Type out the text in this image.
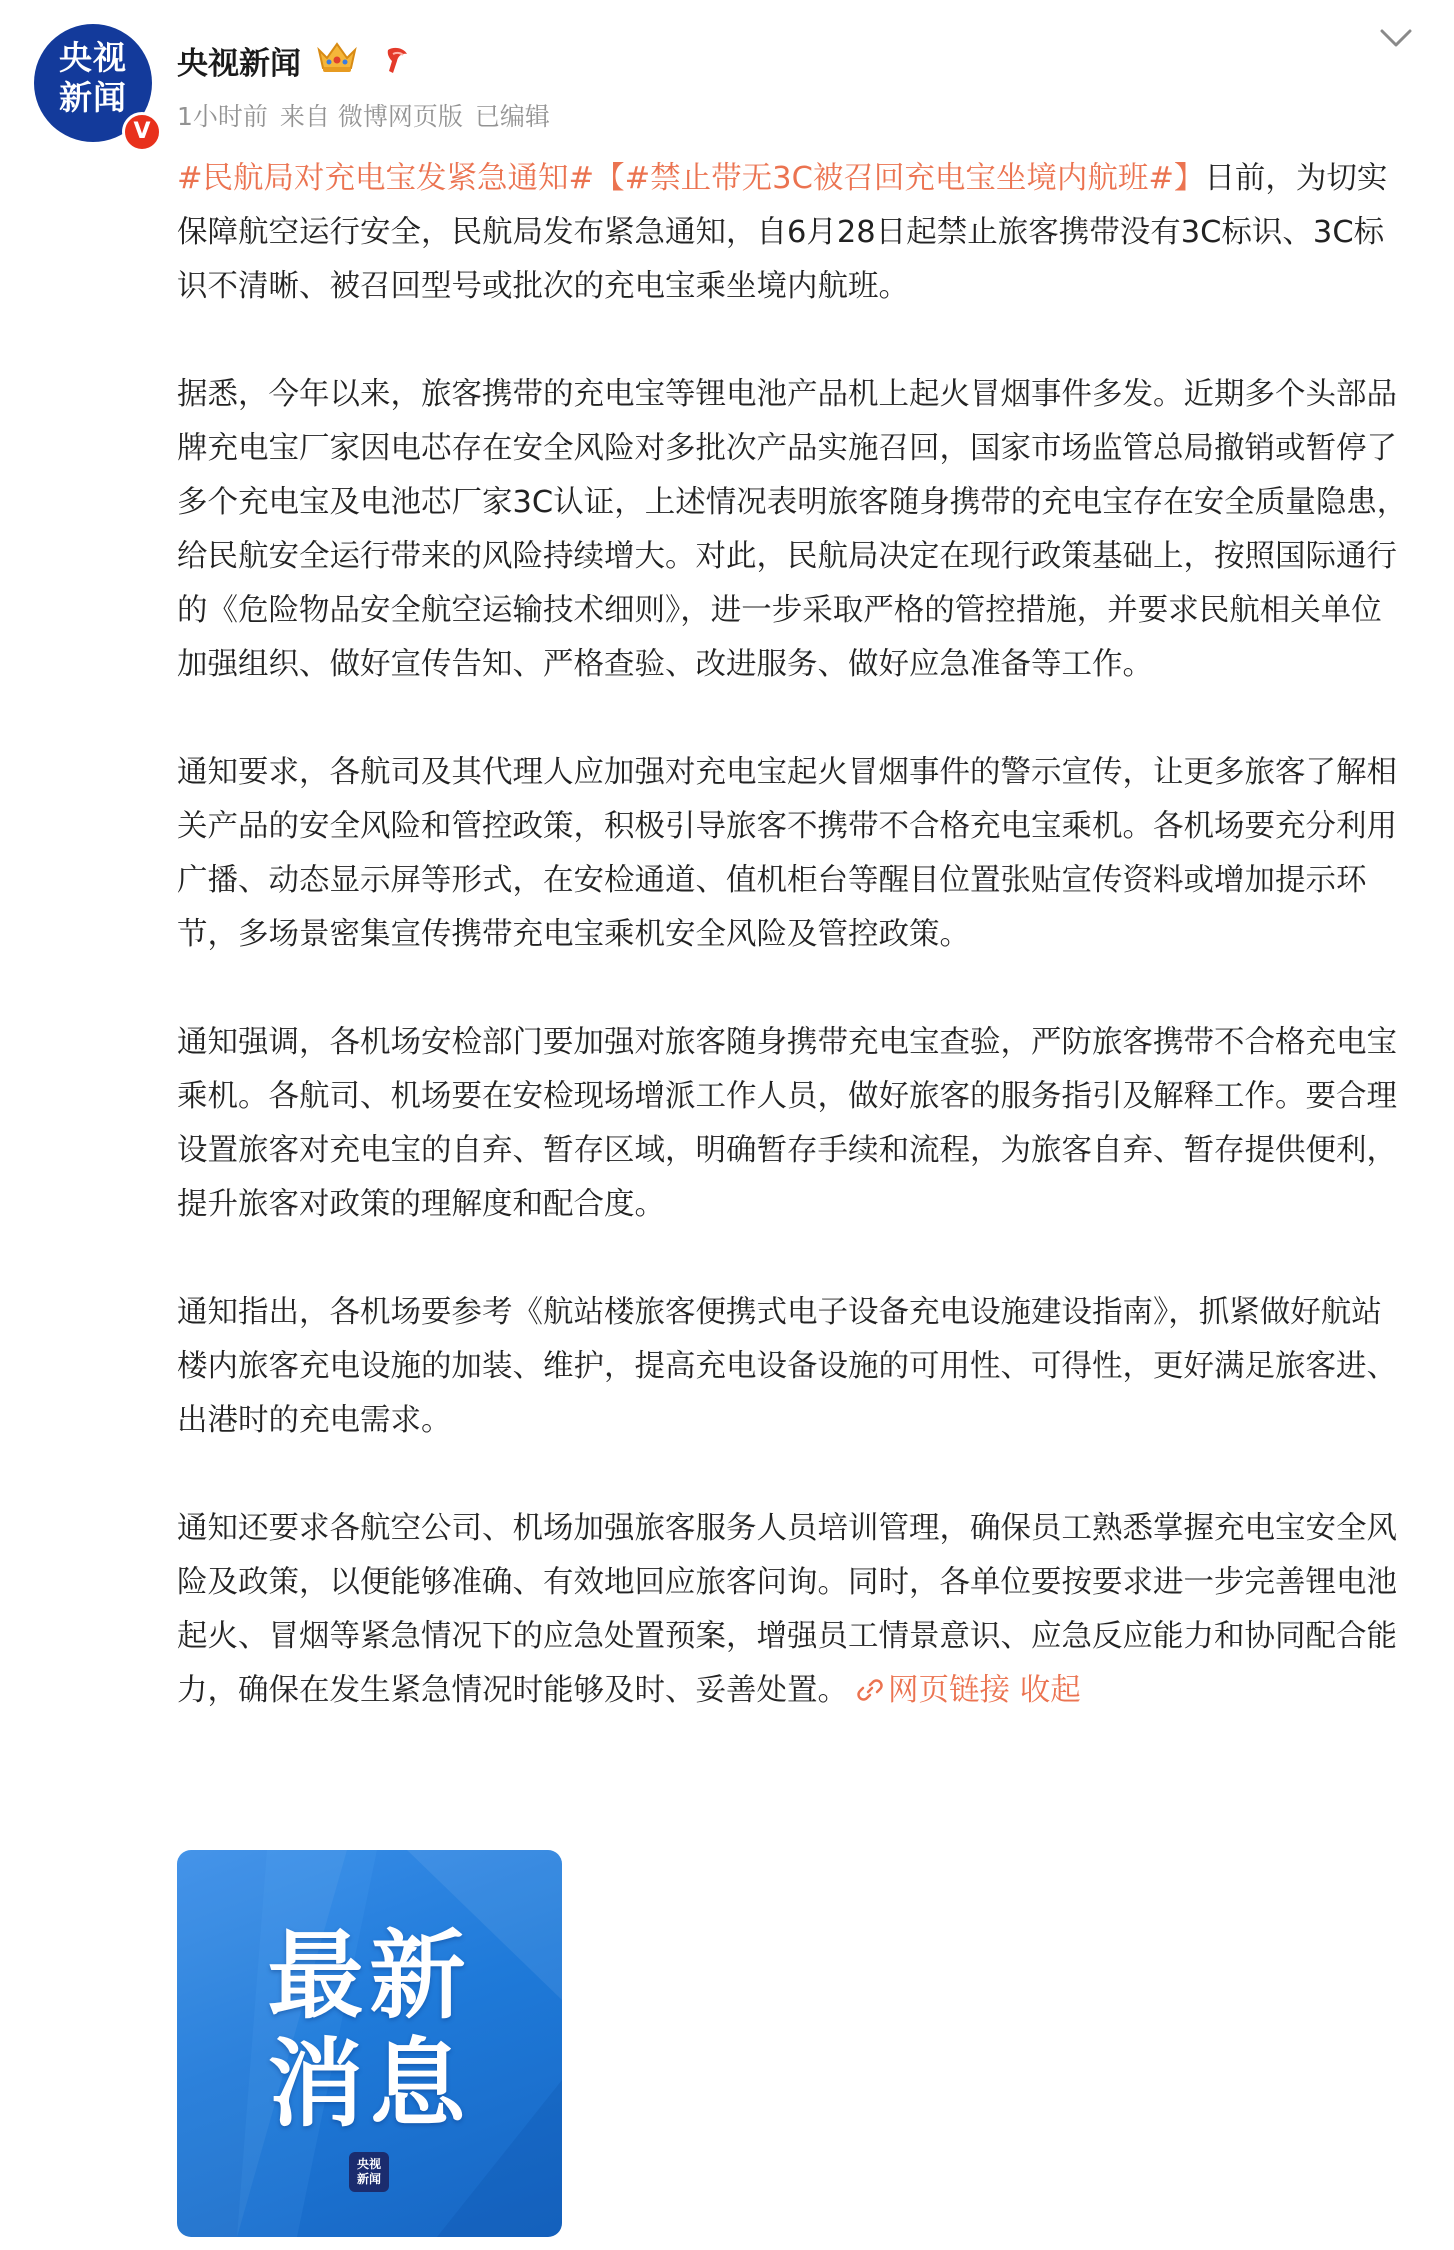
央视
新闻
V
央视新闻
1小时前 来自 微博网页版 已编辑

#民航局对充电宝发紧急通知#【#禁止带无3C被召回充电宝坐境内航班#】日前，为切实保障航空运行安全，民航局发布紧急通知，自6月28日起禁止旅客携带没有3C标识、3C标识不清晰、被召回型号或批次的充电宝乘坐境内航班。

据悉，今年以来，旅客携带的充电宝等锂电池产品机上起火冒烟事件多发。近期多个头部品牌充电宝厂家因电芯存在安全风险对多批次产品实施召回，国家市场监管总局撤销或暂停了多个充电宝及电池芯厂家3C认证，上述情况表明旅客随身携带的充电宝存在安全质量隐患，给民航安全运行带来的风险持续增大。对此，民航局决定在现行政策基础上，按照国际通行的《危险物品安全航空运输技术细则》，进一步采取严格的管控措施，并要求民航相关单位加强组织、做好宣传告知、严格查验、改进服务、做好应急准备等工作。

通知要求，各航司及其代理人应加强对充电宝起火冒烟事件的警示宣传，让更多旅客了解相关产品的安全风险和管控政策，积极引导旅客不携带不合格充电宝乘机。各机场要充分利用广播、动态显示屏等形式，在安检通道、值机柜台等醒目位置张贴宣传资料或增加提示环节，多场景密集宣传携带充电宝乘机安全风险及管控政策。

通知强调，各机场安检部门要加强对旅客随身携带充电宝查验，严防旅客携带不合格充电宝乘机。各航司、机场要在安检现场增派工作人员，做好旅客的服务指引及解释工作。要合理设置旅客对充电宝的自弃、暂存区域，明确暂存手续和流程，为旅客自弃、暂存提供便利，提升旅客对政策的理解度和配合度。

通知指出，各机场要参考《航站楼旅客便携式电子设备充电设施建设指南》，抓紧做好航站楼内旅客充电设施的加装、维护，提高充电设备设施的可用性、可得性，更好满足旅客进、出港时的充电需求。

通知还要求各航空公司、机场加强旅客服务人员培训管理，确保员工熟悉掌握充电宝安全风险及政策，以便能够准确、有效地回应旅客问询。同时，各单位要按要求进一步完善锂电池起火、冒烟等紧急情况下的应急处置预案，增强员工情景意识、应急反应能力和协同配合能力，确保在发生紧急情况时能够及时、妥善处置。 网页链接 收起

最新
消息
央视
新闻
